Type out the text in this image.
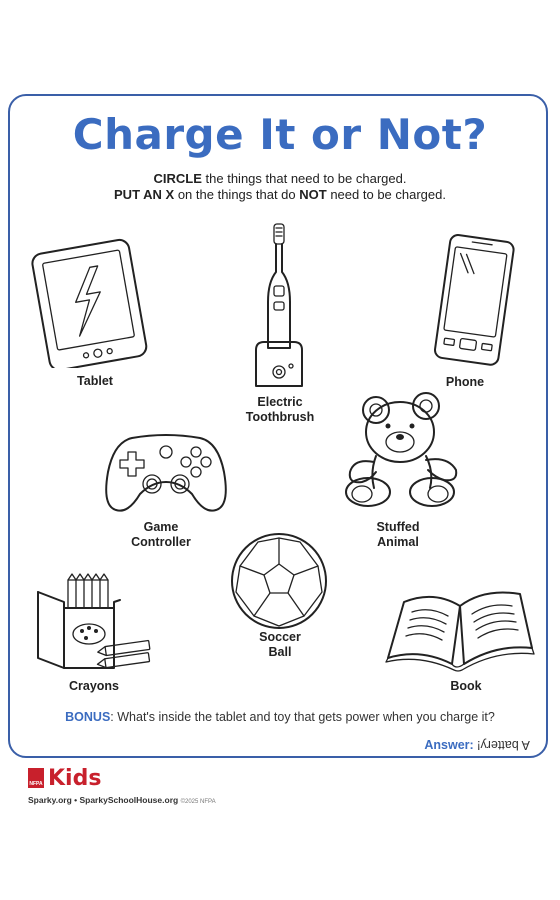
Charge It or Not?
CIRCLE the things that need to be charged.
PUT AN X on the things that do NOT need to be charged.
Tablet
Electric
Toothbrush
Phone
Game
Controller
Stuffed
Animal
Soccer
Ball
Crayons	Book
BONUS: What's inside the tablet and toy that gets power when you charge it?
Answer: A battery!
NFPA Kids
Sparky.org • SparkySchoolHouse.org ©2025 NFPA
